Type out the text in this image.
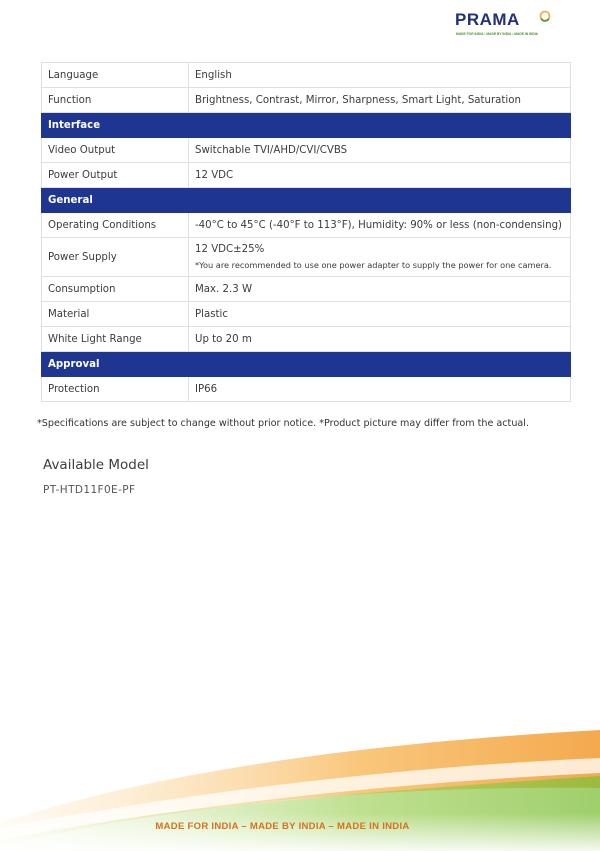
PRAMA
MADE FOR INDIA • MADE BY INDIA • MADE IN INDIA
Language	English
Function	Brightness, Contrast, Mirror, Sharpness, Smart Light, Saturation
Interface	
Video Output	Switchable TVI/AHD/CVI/CVBS
Power Output	12 VDC
General	
Operating Conditions	-40°C to 45°C (-40°F to 113°F), Humidity: 90% or less (non-condensing)
Power Supply	12 VDC±25%
*You are recommended to use one power adapter to supply the power for one camera.

Consumption	Max. 2.3 W
Material	Plastic
White Light Range	Up to 20 m
Approval	
Protection	IP66
*Specifications are subject to change without prior notice. *Product picture may differ from the actual.
Available Model
PT-HTD11F0E-PF
MADE FOR INDIA – MADE BY INDIA – MADE IN INDIA
